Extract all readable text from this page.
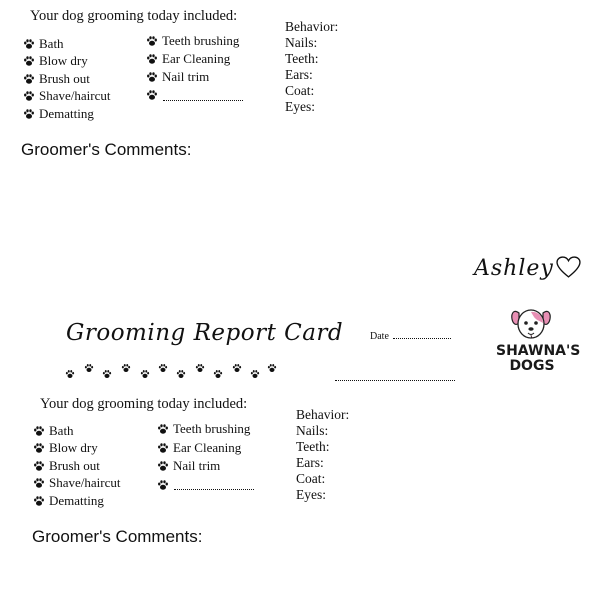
Your dog grooming today included:
Bath
Blow dry
Brush out
Shave/haircut
Dematting
Teeth brushing
Ear Cleaning
Nail trim
Behavior:
Nails:
Teeth:
Ears:
Coat:
Eyes:
Groomer's Comments:
Ashley
Grooming Report Card	Date
SHAWNA'S
DOGS
Your dog grooming today included:
Bath
Blow dry
Brush out
Shave/haircut
Dematting
Teeth brushing
Ear Cleaning
Nail trim
Behavior:
Nails:
Teeth:
Ears:
Coat:
Eyes:
Groomer's Comments:
